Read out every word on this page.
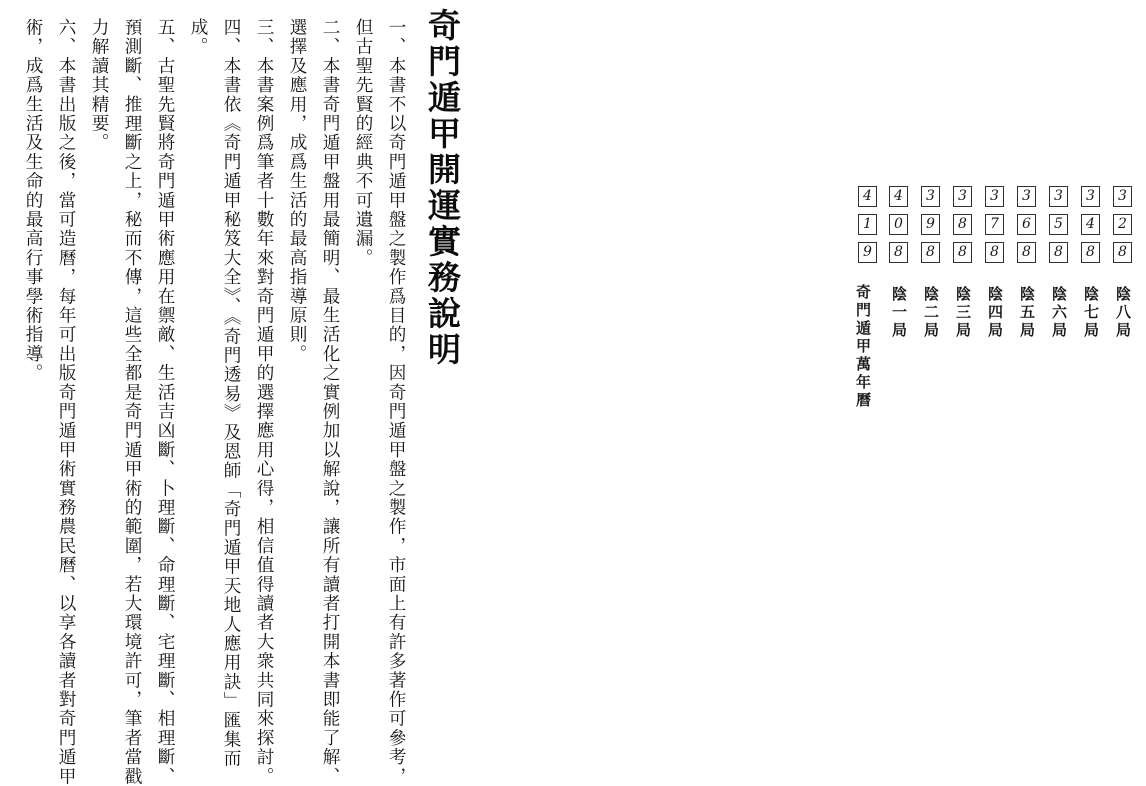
奇門遁甲開運實務說明
一、本書不以奇門遁甲盤之製作爲目的，因奇門遁甲盤之製作，市面上有許多著作可參考，但古聖先賢的經典不可遺漏。
二、本書奇門遁甲盤用最簡明、最生活化之實例加以解說，讓所有讀者打開本書即能了解、選擇及應用，成爲生活的最高指導原則。
三、本書案例爲筆者十數年來對奇門遁甲的選擇應用心得，相信值得讀者大衆共同來探討。
四、本書依《奇門遁甲秘笈大全》、《奇門透易》及恩師「奇門遁甲天地人應用訣」匯集而成。
五、古聖先賢將奇門遁甲術應用在禦敵、生活吉凶斷、卜理斷、命理斷、宅理斷、相理斷、預測斷、推理斷之上，秘而不傳，這些全都是奇門遁甲術的範圍，若大環境許可，筆者當戳力解讀其精要。
六、本書出版之後，當可造曆，每年可出版奇門遁甲術實務農民曆、以享各讀者對奇門遁甲術，成爲生活及生命的最高行事學術指導。	3
2
8
3
4
8
3
5
8
3
6
8
3
7
8
3
8
8
3
9
8
4
0
8
4
1
9
陰八局
陰七局
陰六局
陰五局
陰四局
陰三局
陰二局
陰一局
奇門遁甲萬年曆
